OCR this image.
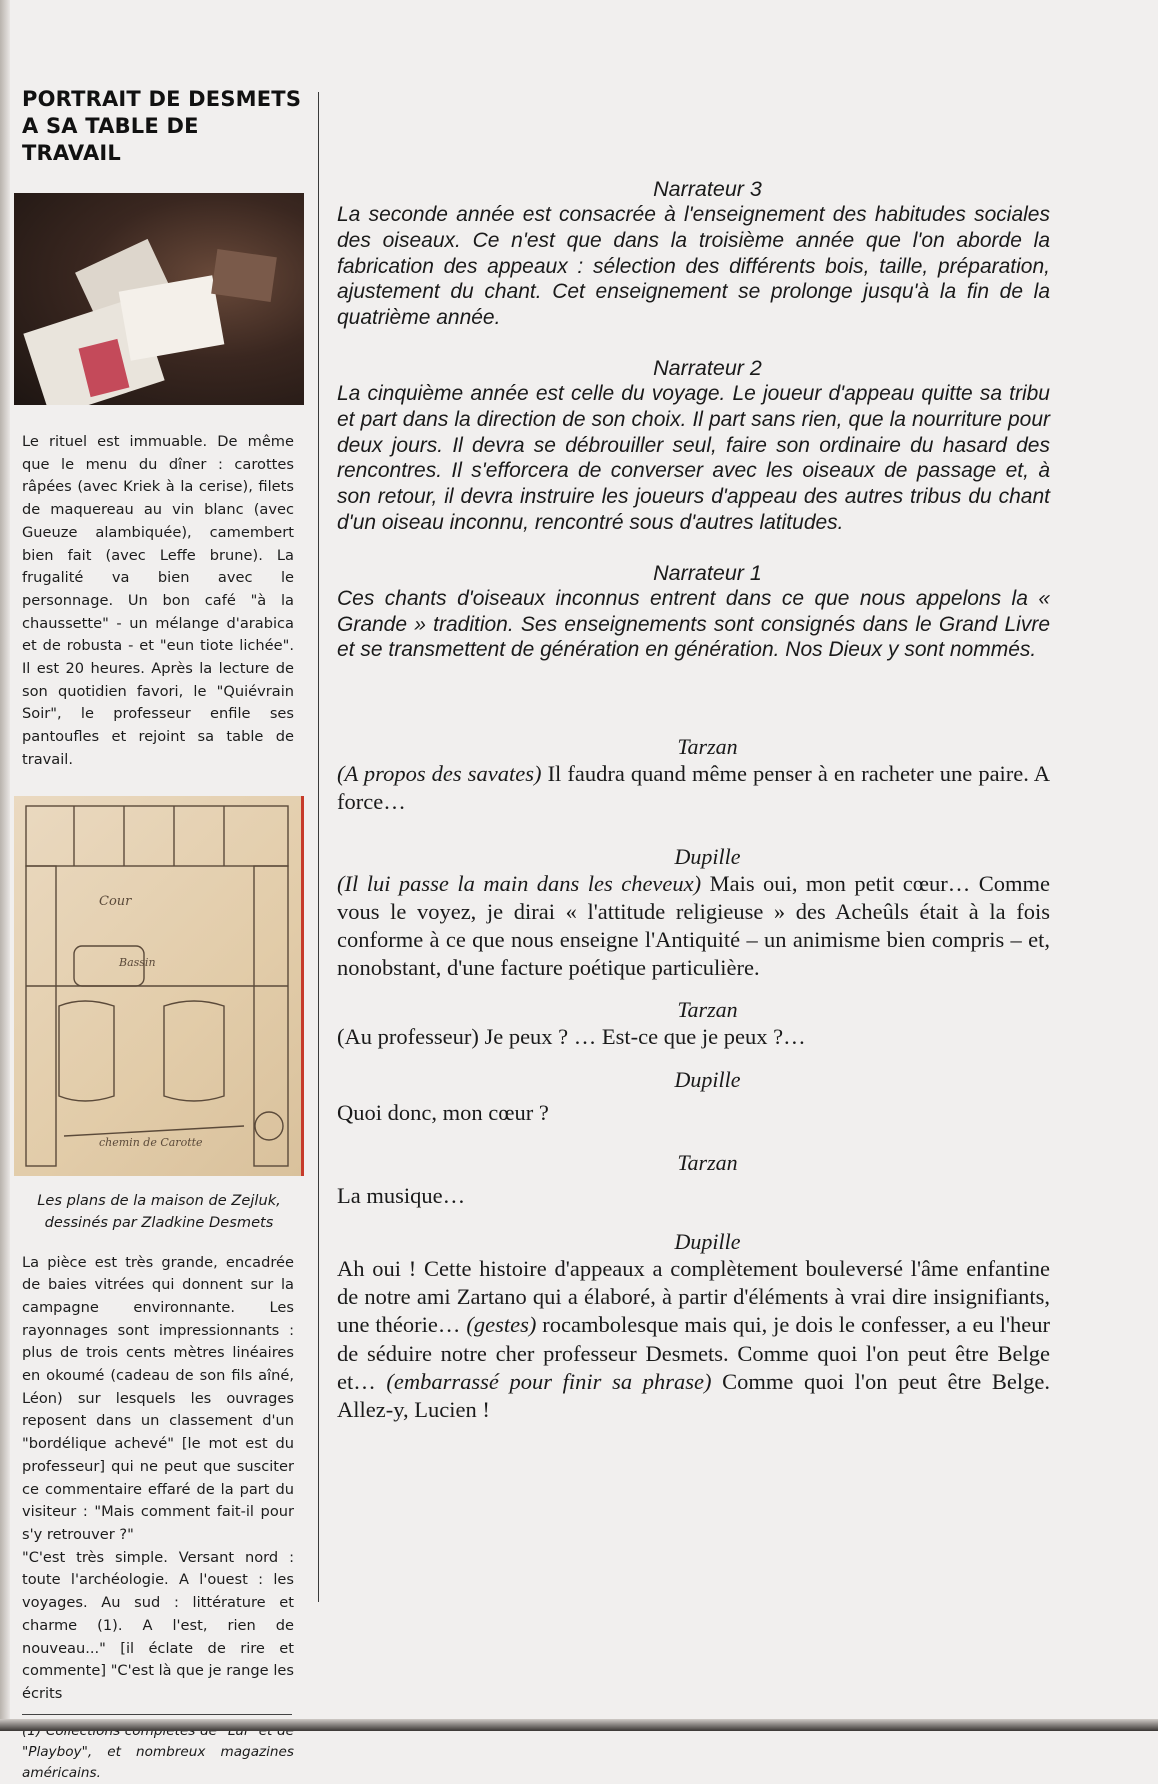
PORTRAIT DE DESMETS
A SA TABLE DE TRAVAIL

Le rituel est immuable. De même que le menu du dîner : carottes râpées (avec Kriek à la cerise), filets de maquereau au vin blanc (avec Gueuze alambiquée), camembert bien fait (avec Leffe brune). La frugalité va bien avec le personnage. Un bon café "à la chaussette" - un mélange d'arabica et de robusta - et "eun tiote lichée". Il est 20 heures. Après la lecture de son quotidien favori, le "Quiévrain Soir", le professeur enfile ses pantoufles et rejoint sa table de travail.

Cour
Bassin
chemin de Carotte

Les plans de la maison de Zejluk,
dessinés par Zladkine Desmets

La pièce est très grande, encadrée de baies vitrées qui donnent sur la campagne environnante. Les rayonnages sont impressionnants : plus de trois cents mètres linéaires en okoumé (cadeau de son fils aîné, Léon) sur lesquels les ouvrages reposent dans un classement d'un "bordélique achevé" [le mot est du professeur] qui ne peut que susciter ce commentaire effaré de la part du visiteur : "Mais comment fait-il pour s'y retrouver ?"

"C'est très simple. Versant nord : toute l'archéologie. A l'ouest : les voyages. Au sud : littérature et charme (1). A l'est, rien de nouveau..." [il éclate de rire et commente] "C'est là que je range les écrits

"Playboy", et nombreux magazines américains.

Narrateur 3

La seconde année est consacrée à l'enseignement des habitudes sociales des oiseaux. Ce n'est que dans la troisième année que l'on aborde la fabrication des appeaux : sélection des différents bois, taille, préparation, ajustement du chant. Cet enseignement se prolonge jusqu'à la fin de la quatrième année.

Narrateur 2

La cinquième année est celle du voyage. Le joueur d'appeau quitte sa tribu et part dans la direction de son choix. Il part sans rien, que la nourriture pour deux jours. Il devra se débrouiller seul, faire son ordinaire du hasard des rencontres. Il s'efforcera de converser avec les oiseaux de passage et, à son retour, il devra instruire les joueurs d'appeau des autres tribus du chant d'un oiseau inconnu, rencontré sous d'autres latitudes.

Narrateur 1

Ces chants d'oiseaux inconnus entrent dans ce que nous appelons la « Grande » tradition. Ses enseignements sont consignés dans le Grand Livre et se transmettent de génération en génération. Nos Dieux y sont nommés.

Tarzan

(A propos des savates) Il faudra quand même penser à en racheter une paire. A force…

Dupille

(Il lui passe la main dans les cheveux) Mais oui, mon petit cœur… Comme vous le voyez, je dirai « l'attitude religieuse » des Acheûls était à la fois conforme à ce que nous enseigne l'Antiquité – un animisme bien compris – et, nonobstant, d'une facture poétique particulière.

Tarzan

(Au professeur) Je peux ? … Est-ce que je peux ?…

Dupille

Quoi donc, mon cœur ?

Tarzan

La musique…

Dupille

Ah oui ! Cette histoire d'appeaux a complètement bouleversé l'âme enfantine de notre ami Zartano qui a élaboré, à partir d'éléments à vrai dire insignifiants, une théorie… (gestes) rocambolesque mais qui, je dois le confesser, a eu l'heur de séduire notre cher professeur Desmets. Comme quoi l'on peut être Belge et… (embarrassé pour finir sa phrase) Comme quoi l'on peut être Belge. Allez-y, Lucien !
